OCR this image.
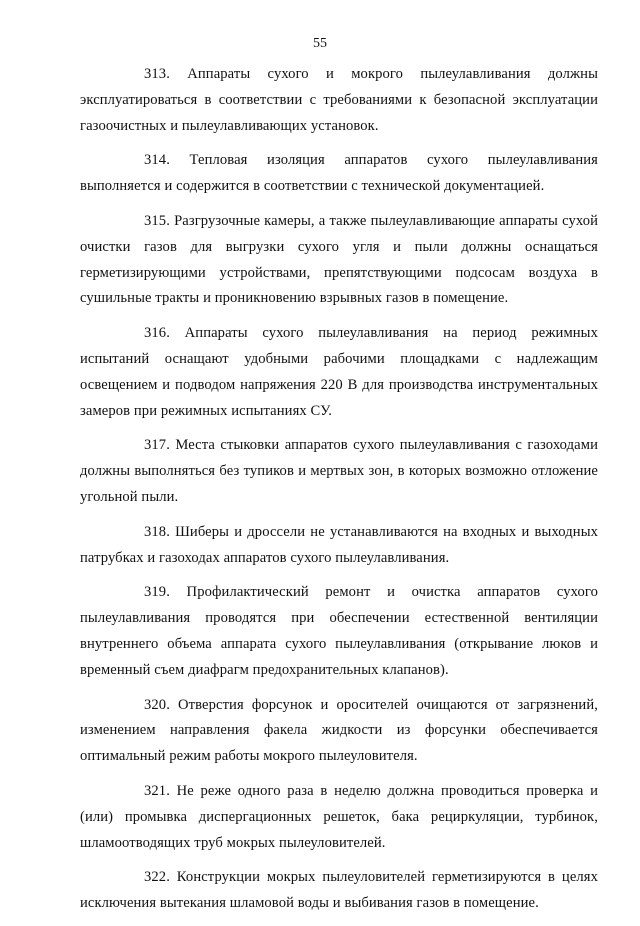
55

313. Аппараты сухого и мокрого пылеулавливания должны эксплуатироваться в соответствии с требованиями к безопасной эксплуатации газоочистных и пылеулавливающих установок.

314. Тепловая изоляция аппаратов сухого пылеулавливания выполняется и содержится в соответствии с технической документацией.

315. Разгрузочные камеры, а также пылеулавливающие аппараты сухой очистки газов для выгрузки сухого угля и пыли должны оснащаться герметизирующими устройствами, препятствующими подсосам воздуха в сушильные тракты и проникновению взрывных газов в помещение.

316. Аппараты сухого пылеулавливания на период режимных испытаний оснащают удобными рабочими площадками с надлежащим освещением и подводом напряжения 220 В для производства инструментальных замеров при режимных испытаниях СУ.

317. Места стыковки аппаратов сухого пылеулавливания с газоходами должны выполняться без тупиков и мертвых зон, в которых возможно отложение угольной пыли.

318. Шиберы и дроссели не устанавливаются на входных и выходных патрубках и газоходах аппаратов сухого пылеулавливания.

319. Профилактический ремонт и очистка аппаратов сухого пылеулавливания проводятся при обеспечении естественной вентиляции внутреннего объема аппарата сухого пылеулавливания (открывание люков и временный съем диафрагм предохранительных клапанов).

320. Отверстия форсунок и оросителей очищаются от загрязнений, изменением направления факела жидкости из форсунки обеспечивается оптимальный режим работы мокрого пылеуловителя.

321. Не реже одного раза в неделю должна проводиться проверка и (или) промывка диспергационных решеток, бака рециркуляции, турбинок, шламоотводящих труб мокрых пылеуловителей.

322. Конструкции мокрых пылеуловителей герметизируются в целях исключения вытекания шламовой воды и выбивания газов в помещение.
